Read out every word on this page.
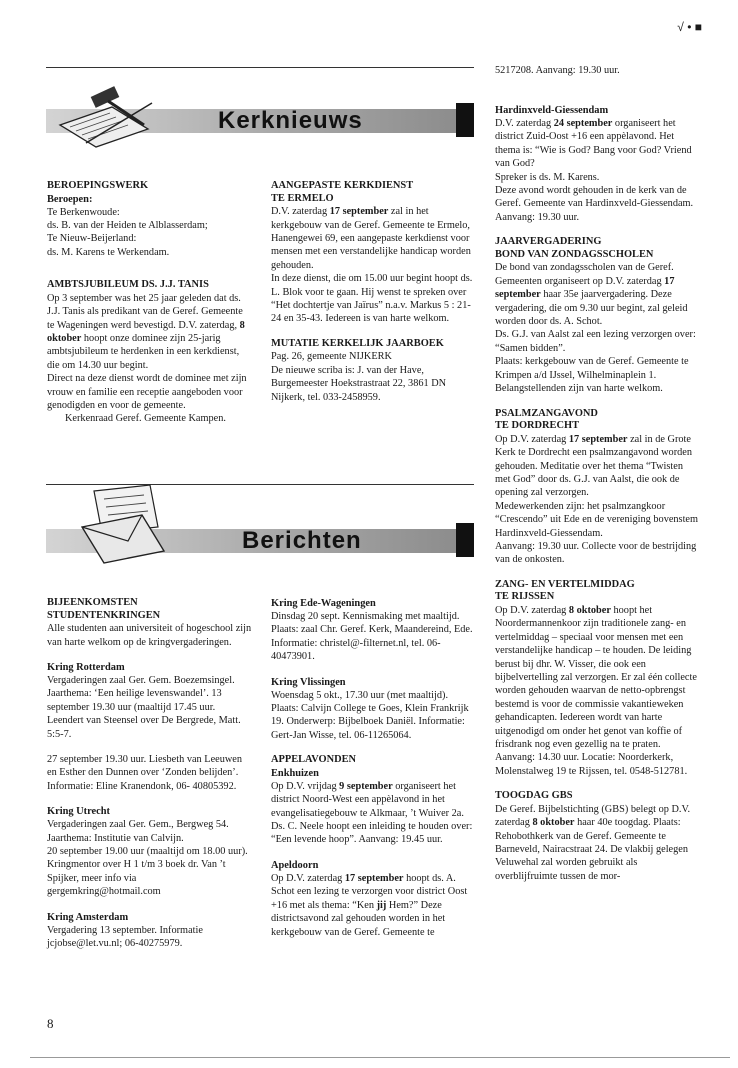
√ • ■
Kerknieuws
Berichten

BEROEPINGSWERK

Beroepen:

Te Berkenwoude:

ds. B. van der Heiden te Alblasserdam;

Te Nieuw-Beijerland:

ds. M. Karens te Werkendam.

AMBTSJUBILEUM DS. J.J. TANIS

Op 3 september was het 25 jaar geleden dat ds. J.J. Tanis als predikant van de Geref. Gemeente te Wageningen werd bevestigd. D.V. zaterdag, 8 oktober hoopt onze dominee zijn 25-jarig ambtsjubileum te herdenken in een kerkdienst, die om 14.30 uur begint.

Direct na deze dienst wordt de dominee met zijn vrouw en familie een receptie aangeboden voor genodigden en voor de gemeente.

Kerkenraad Geref. Gemeente Kampen.

AANGEPASTE KERKDIENST

TE ERMELO

D.V. zaterdag 17 september zal in het kerkgebouw van de Geref. Gemeente te Ermelo, Hanengewei 69, een aangepaste kerkdienst voor mensen met een verstandelijke handicap worden gehouden.

In deze dienst, die om 15.00 uur begint hoopt ds. L. Blok voor te gaan. Hij wenst te spreken over “Het dochtertje van Jaïrus” n.a.v. Markus 5 : 21-24 en 35-43. Iedereen is van harte welkom.

MUTATIE KERKELIJK JAARBOEK

Pag. 26, gemeente NIJKERK

De nieuwe scriba is: J. van der Have, Burgemeester Hoekstrastraat 22, 3861 DN Nijkerk, tel. 033-2458959.

BIJEENKOMSTEN

STUDENTENKRINGEN

Alle studenten aan universiteit of hogeschool zijn van harte welkom op de kringvergaderingen.

Kring Rotterdam

Vergaderingen zaal Ger. Gem. Boezemsingel. Jaarthema: ‘Een heilige levenswandel’. 13 september 19.30 uur (maaltijd 17.45 uur. Leendert van Steensel over De Bergrede, Matt. 5:5-7.

27 september 19.30 uur. Liesbeth van Leeuwen en Esther den Dunnen over ‘Zonden belijden’. Informatie: Eline Kranendonk, 06- 40805392.

Kring Utrecht

Vergaderingen zaal Ger. Gem., Bergweg 54. Jaarthema: Institutie van Calvijn.

20 september 19.00 uur (maaltijd om 18.00 uur). Kringmentor over H 1 t/m 3 boek dr. Van ’t Spijker, meer info via gergemkring@hotmail.com

Kring Amsterdam

Vergadering 13 september. Informatie jcjobse@let.vu.nl; 06-40275979.

Kring Ede-Wageningen

Dinsdag 20 sept. Kennismaking met maaltijd. Plaats: zaal Chr. Geref. Kerk, Maandereind, Ede. Informatie: christel@-filternet.nl, tel. 06-40473901.

Kring Vlissingen

Woensdag 5 okt., 17.30 uur (met maaltijd). Plaats: Calvijn College te Goes, Klein Frankrijk 19. Onderwerp: Bijbelboek Daniël. Informatie: Gert-Jan Wisse, tel. 06-11265064.

APPELAVONDEN

Enkhuizen

Op D.V. vrijdag 9 september organiseert het district Noord-West een appèlavond in het evangelisatiegebouw te Alkmaar, ’t Wuiver 2a. Ds. C. Neele hoopt een inleiding te houden over: “Een levende hoop”. Aanvang: 19.45 uur.

Apeldoorn

Op D.V. zaterdag 17 september hoopt ds. A. Schot een lezing te verzorgen voor district Oost +16 met als thema: “Ken jij Hem?” Deze districtsavond zal gehouden worden in het kerkgebouw van de Geref. Gemeente te

5217208. Aanvang: 19.30 uur.

Hardinxveld-Giessendam

D.V. zaterdag 24 september organiseert het district Zuid-Oost +16 een appèlavond. Het thema is: “Wie is God? Bang voor God? Vriend van God?

Spreker is ds. M. Karens.

Deze avond wordt gehouden in de kerk van de Geref. Gemeente van Hardinxveld-Giessendam. Aanvang: 19.30 uur.

JAARVERGADERING

BOND VAN ZONDAGSSCHOLEN

De bond van zondagsscholen van de Geref. Gemeenten organiseert op D.V. zaterdag 17 september haar 35e jaarvergadering. Deze vergadering, die om 9.30 uur begint, zal geleid worden door ds. A. Schot.

Ds. G.J. van Aalst zal een lezing verzorgen over: “Samen bidden”.

Plaats: kerkgebouw van de Geref. Gemeente te Krimpen a/d IJssel, Wilhelminaplein 1. Belangstellenden zijn van harte welkom.

PSALMZANGAVOND

TE DORDRECHT

Op D.V. zaterdag 17 september zal in de Grote Kerk te Dordrecht een psalmzangavond worden gehouden. Meditatie over het thema “Twisten met God” door ds. G.J. van Aalst, die ook de opening zal verzorgen.

Medewerkenden zijn: het psalmzangkoor “Crescendo” uit Ede en de vereniging bovenstem Hardinxveld-Giessendam.

Aanvang: 19.30 uur. Collecte voor de bestrijding van de onkosten.

ZANG- EN VERTELMIDDAG

TE RIJSSEN

Op D.V. zaterdag 8 oktober hoopt het Noordermannenkoor zijn traditionele zang- en vertelmiddag – speciaal voor mensen met een verstandelijke handicap – te houden. De leiding berust bij dhr. W. Visser, die ook een bijbelvertelling zal verzorgen. Er zal één collecte worden gehouden waarvan de netto-opbrengst bestemd is voor de commissie vakantieweken gehandicapten. Iedereen wordt van harte uitgenodigd om onder het genot van koffie of frisdrank nog even gezellig na te praten.

Aanvang: 14.30 uur. Locatie: Noorderkerk, Molenstalweg 19 te Rijssen, tel. 0548-512781.

TOOGDAG GBS

De Geref. Bijbelstichting (GBS) belegt op D.V. zaterdag 8 oktober haar 40e toogdag. Plaats: Rehobothkerk van de Geref. Gemeente te Barneveld, Nairacstraat 24. De vlakbij gelegen Veluwehal zal worden gebruikt als overblijfruimte tussen de mor-

8
